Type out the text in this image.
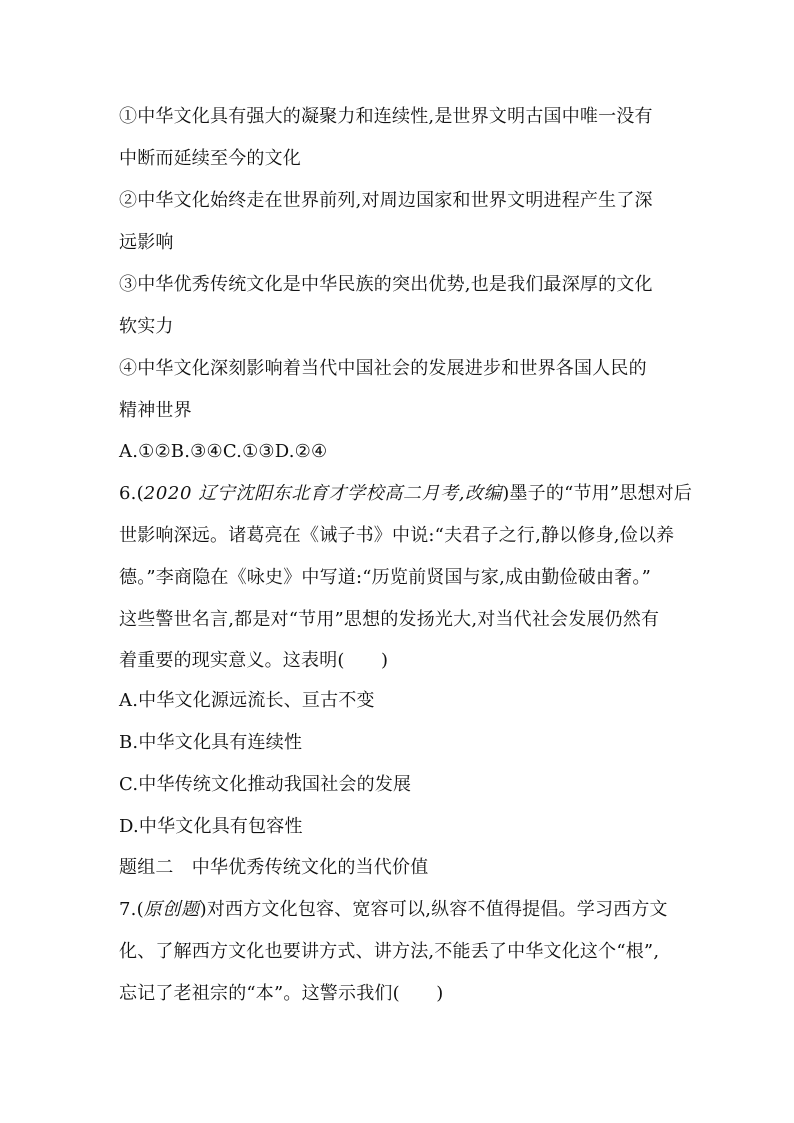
①中华文化具有强大的凝聚力和连续性,是世界文明古国中唯一没有
中断而延续至今的文化
②中华文化始终走在世界前列,对周边国家和世界文明进程产生了深
远影响
③中华优秀传统文化是中华民族的突出优势,也是我们最深厚的文化
软实力
④中华文化深刻影响着当代中国社会的发展进步和世界各国人民的
精神世界
A.①②B.③④C.①③D.②④
6.(2020 辽宁沈阳东北育才学校高二月考,改编)墨子的“节用”思想对后
世影响深远。诸葛亮在《诫子书》中说:“夫君子之行,静以修身,俭以养
德。”李商隐在《咏史》中写道:“历览前贤国与家,成由勤俭破由奢。”
这些警世名言,都是对“节用”思想的发扬光大,对当代社会发展仍然有
着重要的现实意义。这表明(　　)
A.中华文化源远流长、亘古不变
B.中华文化具有连续性
C.中华传统文化推动我国社会的发展
D.中华文化具有包容性
题组二　中华优秀传统文化的当代价值
7.(原创题)对西方文化包容、宽容可以,纵容不值得提倡。学习西方文
化、了解西方文化也要讲方式、讲方法,不能丢了中华文化这个“根”,
忘记了老祖宗的“本”。这警示我们(　　)
